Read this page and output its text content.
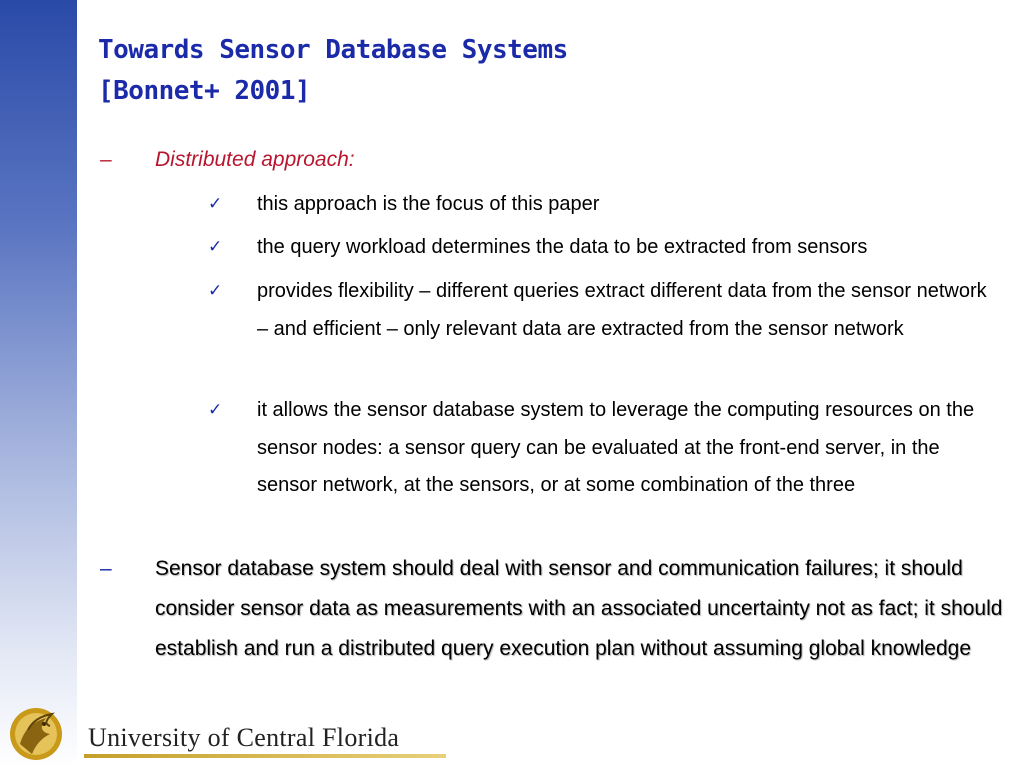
Towards Sensor Database Systems
[Bonnet+ 2001]
– Distributed approach:
✓ this approach is the focus of this paper
✓ the query workload determines the data to be extracted from sensors
✓ provides flexibility – different queries extract different data from the sensor network – and efficient – only relevant data are extracted from the sensor network
✓ it allows the sensor database system to leverage the computing resources on the sensor nodes: a sensor query can be evaluated at the front-end server, in the sensor network, at the sensors, or at some combination of the three
– Sensor database system should deal with sensor and communication failures; it should consider sensor data as measurements with an associated uncertainty not as fact; it should establish and run a distributed query execution plan without assuming global knowledge
University of Central Florida
